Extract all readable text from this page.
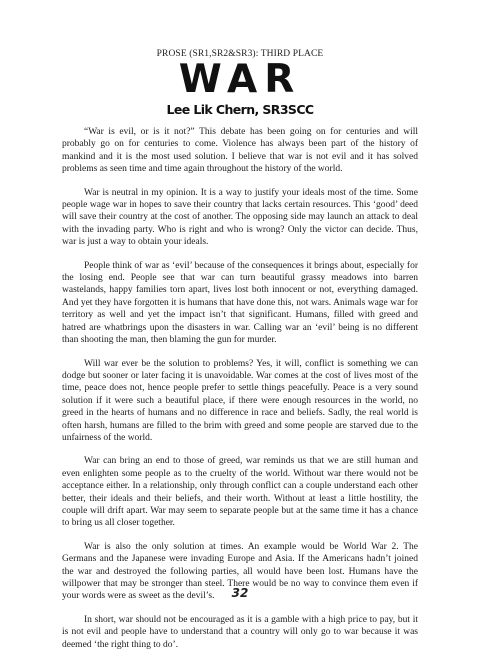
PROSE (SR1,SR2&SR3): THIRD PLACE
WAR
Lee Lik Chern, SR3SCC

“War is evil, or is it not?” This debate has been going on for centuries and will probably go on for centuries to come. Violence has always been part of the history of mankind and it is the most used solution. I believe that war is not evil and it has solved problems as seen time and time again throughout the history of the world.

War is neutral in my opinion. It is a way to justify your ideals most of the time. Some people wage war in hopes to save their country that lacks certain resources. This ‘good’ deed will save their country at the cost of another. The opposing side may launch an attack to deal with the invading party. Who is right and who is wrong? Only the victor can decide. Thus, war is just a way to obtain your ideals.

People think of war as ‘evil’ because of the consequences it brings about, especially for the losing end. People see that war can turn beautiful grassy meadows into barren wastelands, happy families torn apart, lives lost both innocent or not, everything damaged. And yet they have forgotten it is humans that have done this, not wars. Animals wage war for territory as well and yet the impact isn’t that significant. Humans, filled with greed and hatred are whatbrings upon the disasters in war. Calling war an ‘evil’ being is no different than shooting the man, then blaming the gun for murder.

Will war ever be the solution to problems? Yes, it will, conflict is something we can dodge but sooner or later facing it is unavoidable. War comes at the cost of lives most of the time, peace does not, hence people prefer to settle things peacefully. Peace is a very sound solution if it were such a beautiful place, if there were enough resources in the world, no greed in the hearts of humans and no difference in race and beliefs. Sadly, the real world is often harsh, humans are filled to the brim with greed and some people are starved due to the unfairness of the world.

War can bring an end to those of greed, war reminds us that we are still human and even enlighten some people as to the cruelty of the world. Without war there would not be acceptance either. In a relationship, only through conflict can a couple understand each other better, their ideals and their beliefs, and their worth. Without at least a little hostility, the couple will drift apart. War may seem to separate people but at the same time it has a chance to bring us all closer together.

War is also the only solution at times. An example would be World War 2. The Germans and the Japanese were invading Europe and Asia. If the Americans hadn’t joined the war and destroyed the following parties, all would have been lost. Humans have the willpower that may be stronger than steel. There would be no way to convince them even if your words were as sweet as the devil’s.

In short, war should not be encouraged as it is a gamble with a high price to pay, but it is not evil and people have to understand that a country will only go to war because it was deemed ‘the right thing to do’.

32
